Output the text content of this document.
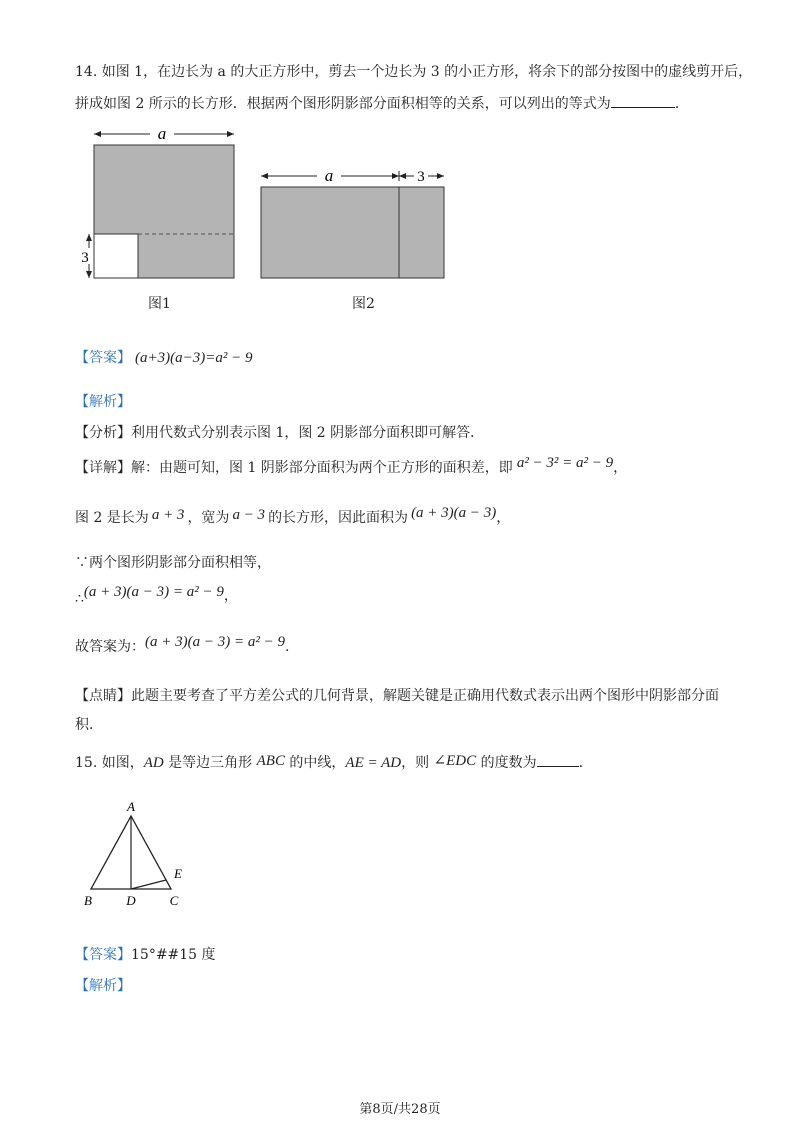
14. 如图 1，在边长为 a 的大正方形中，剪去一个边长为 3 的小正方形，将余下的部分按图中的虚线剪开后，
拼成如图 2 所示的长方形．根据两个图形阴影部分面积相等的关系，可以列出的等式为	．
a
3
图1
a	3
图2
【答案】 (a+3)(a−3)=a² − 9
【解析】
【分析】利用代数式分别表示图 1，图 2 阴影部分面积即可解答．
【详解】解：由题可知，图 1 阴影部分面积为两个正方形的面积差，即 a² − 3² = a² − 9，
图 2 是长为 a + 3 ，宽为 a − 3 的长方形，因此面积为 (a + 3)(a − 3)，
∵两个图形阴影部分面积相等，
∴(a + 3)(a − 3) = a² − 9，
故答案为：(a + 3)(a − 3) = a² − 9.
【点睛】此题主要考查了平方差公式的几何背景，解题关键是正确用代数式表示出两个图形中阴影部分面
积．
15. 如图，AD 是等边三角形 ABC 的中线，AE = AD，则 ∠EDC 的度数为	．
A
B	D	C
E
【答案】15°##15 度
【解析】
第8页/共28页
